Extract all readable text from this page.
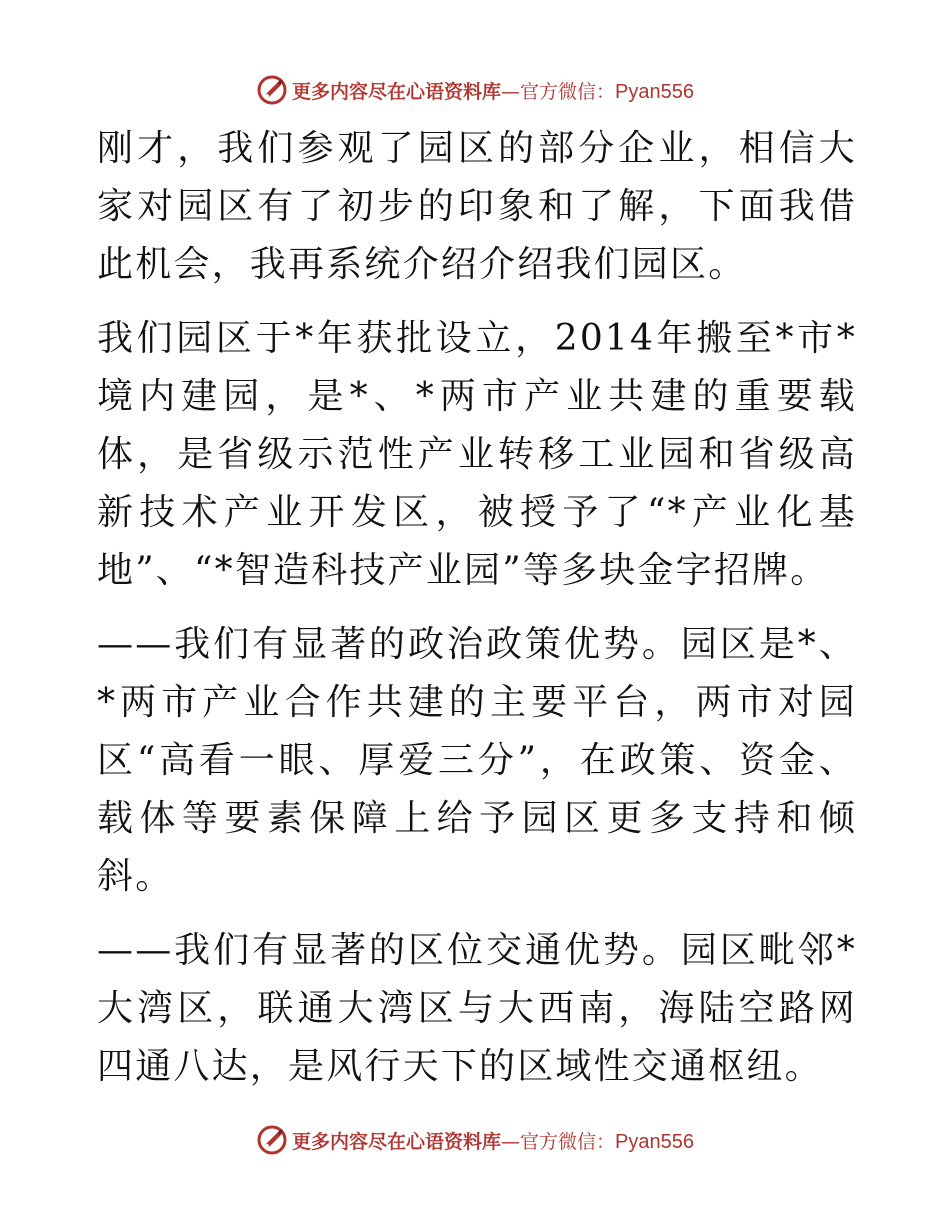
更多内容尽在心语资料库—官方微信：Pyan556

刚才，我们参观了园区的部分企业，相信大家对园区有了初步的印象和了解，下面我借此机会，我再系统介绍介绍我们园区。

我们园区于*年获批设立，2014年搬至*市*境内建园，是*、*两市产业共建的重要载体，是省级示范性产业转移工业园和省级高新技术产业开发区，被授予了“*产业化基地”、“*智造科技产业园”等多块金字招牌。

——我们有显著的政治政策优势。园区是*、*两市产业合作共建的主要平台，两市对园区“高看一眼、厚爱三分”，在政策、资金、载体等要素保障上给予园区更多支持和倾斜。

——我们有显著的区位交通优势。园区毗邻*大湾区，联通大湾区与大西南，海陆空路网四通八达，是风行天下的区域性交通枢纽。

更多内容尽在心语资料库—官方微信：Pyan556
